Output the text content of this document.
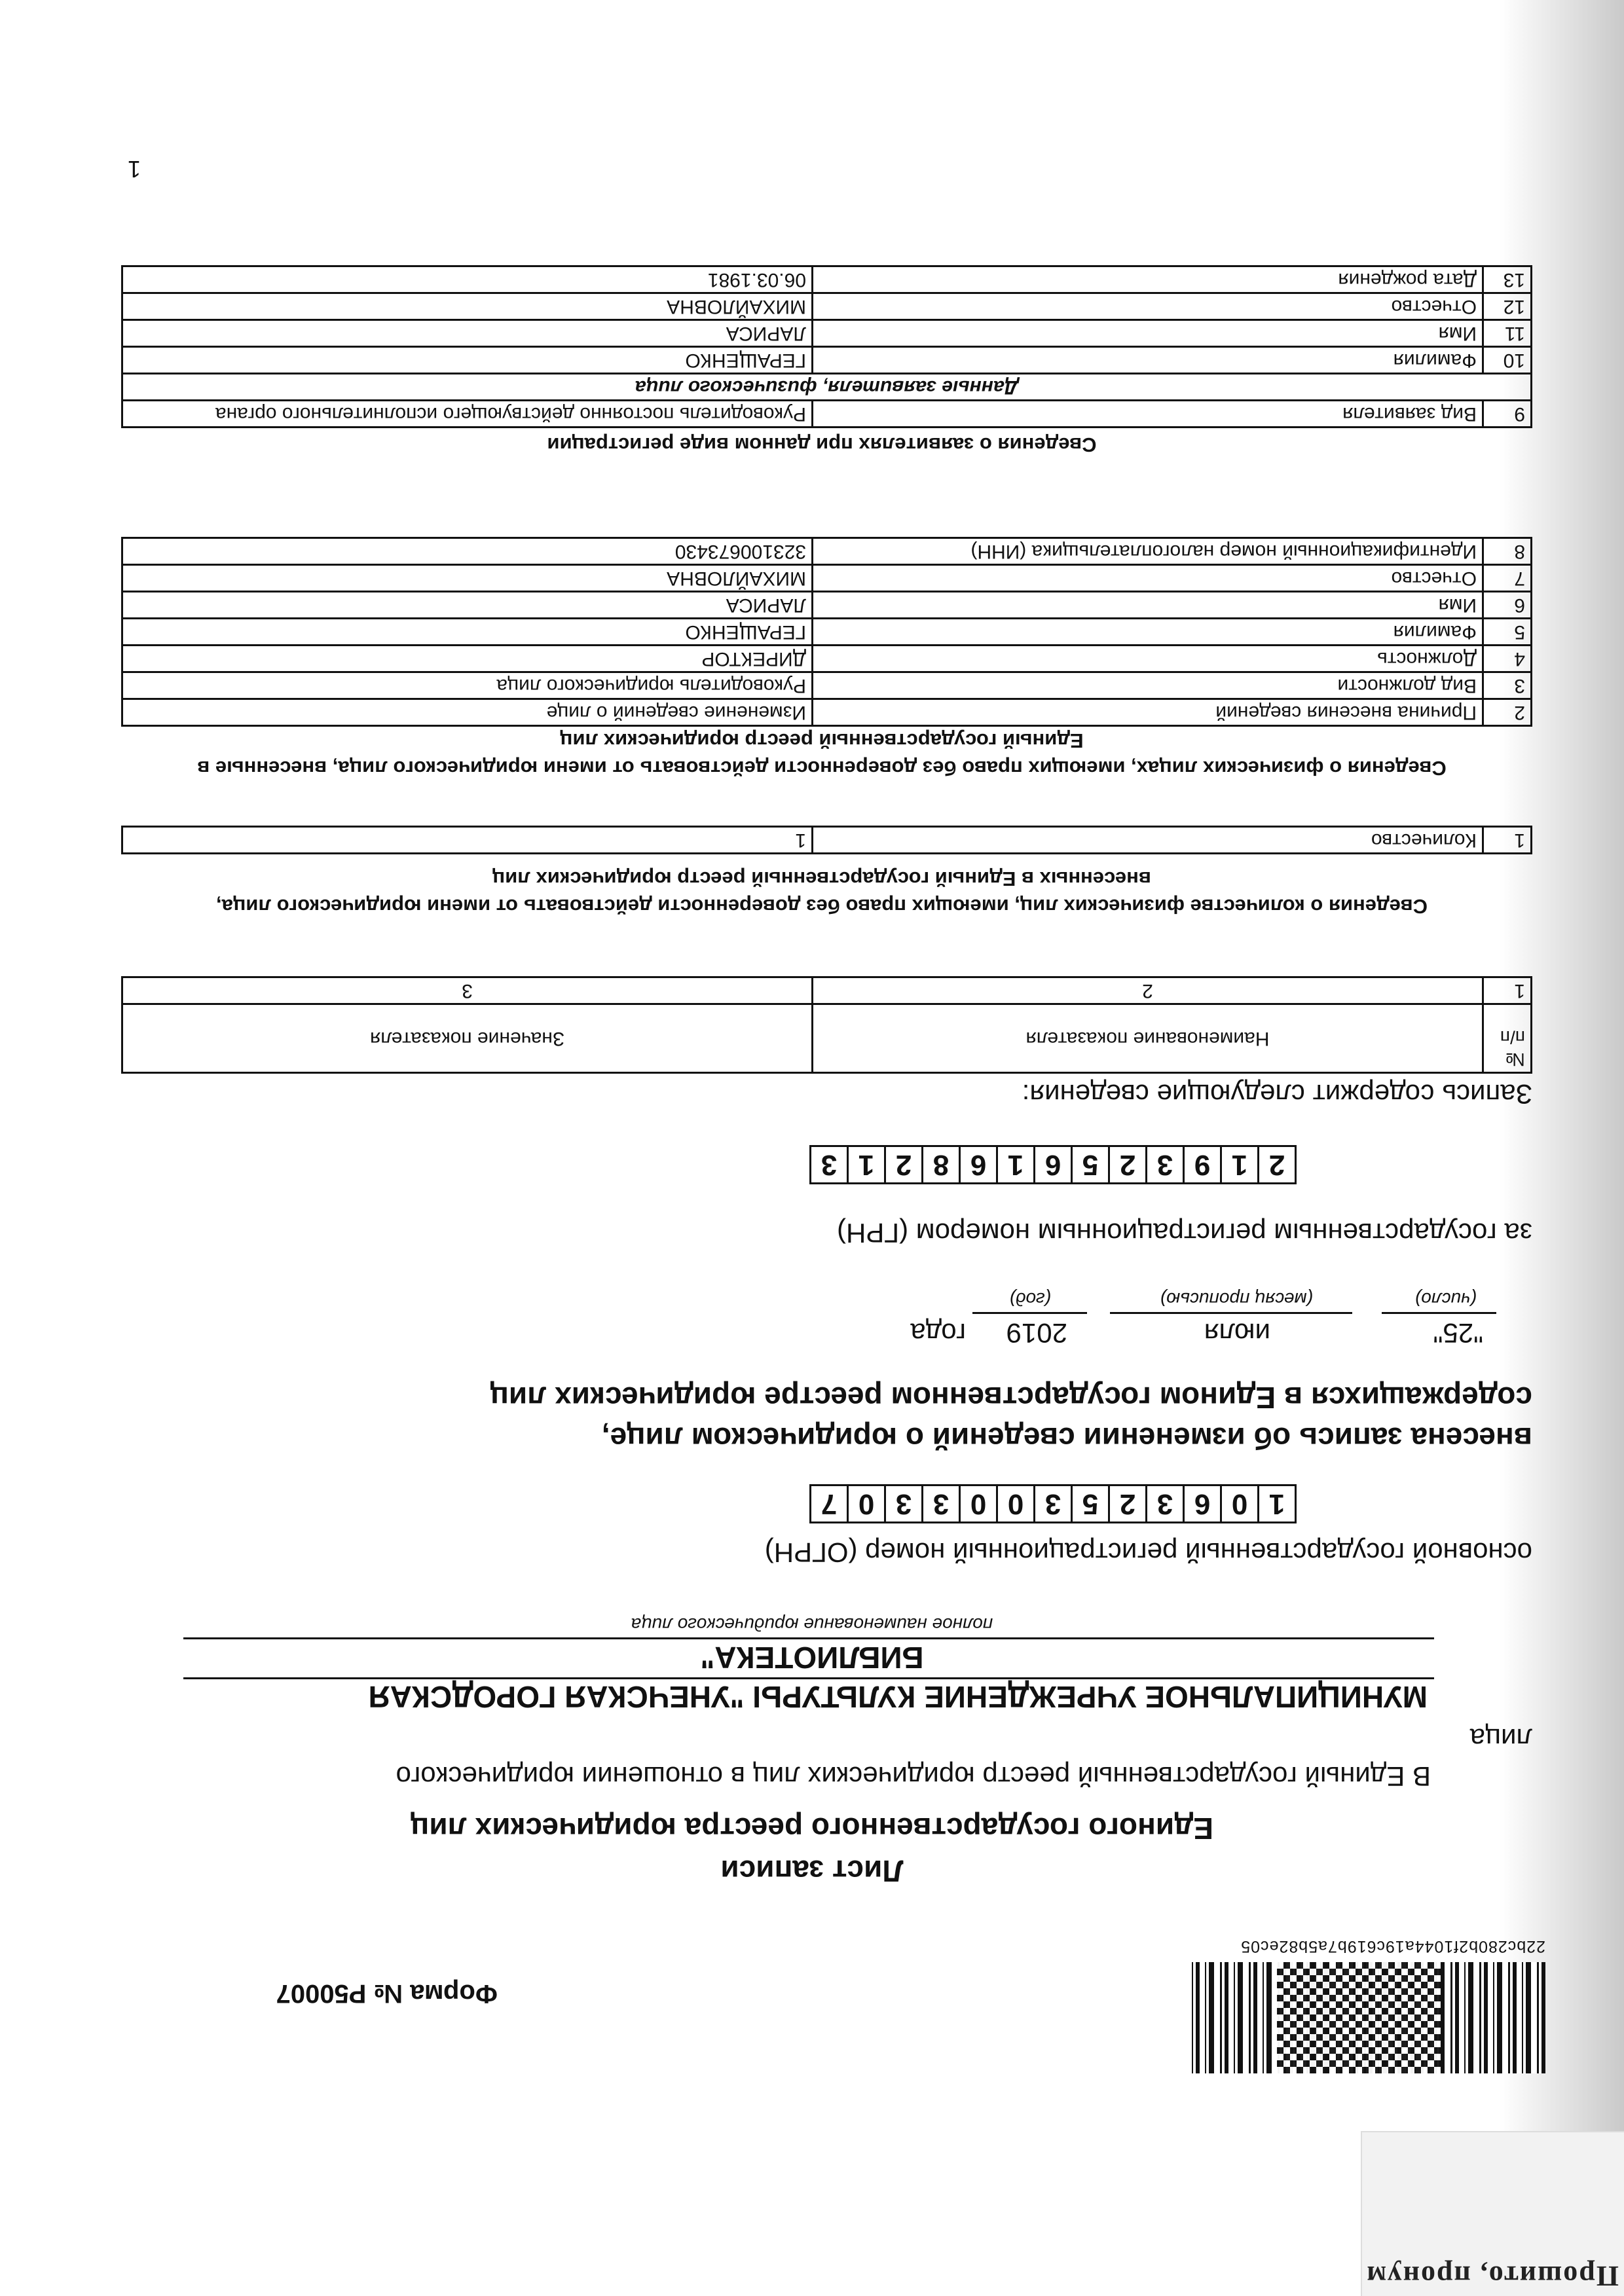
Прошито, пронум
22bc280b2f1044a19c619b7a5b82ec05
Форма № Р50007
Лист записи
Единого государственного реестра юридических лиц
В Единый государственный реестр юридических лиц в отношении юридического
лица
МУНИЦИПАЛЬНОЕ УЧРЕЖДЕНИЕ КУЛЬТУРЫ "УНЕЧСКАЯ ГОРОДСКАЯ
БИБЛИОТЕКА"
полное наименование юридического лица
основной государственный регистрационный номер (ОГРН)
1
0
6
3
2
5
3
0
0
3
3
0
7
внесена запись об изменении сведений о юридическом лице,
содержащихся в Едином государственном реестре юридических лиц
"25"
июля
2019
года
(число)
(месяц прописью)
(год)
за государственным регистрационным номером (ГРН)
2
1
9
3
2
5
6
1
6
8
2
1
3
Запись содержит следующие сведения:
№ п/п	Наименование показателя	Значение показателя
1	2	3
Сведения о количестве физических лиц, имеющих право без доверенности действовать от имени юридического лица, внесенных в Единый государственный реестр юридических лиц
1	Количество	1
Сведения о физических лицах, имеющих право без доверенности действовать от имени юридического лица, внесенные в Единый государственный реестр юридических лиц
2	Причина внесения сведений	Изменение сведений о лице
3	Вид должности	Руководитель юридического лица
4	Должность	ДИРЕКТОР
5	Фамилия	ГЕРАЩЕНКО
6	Имя	ЛАРИСА
7	Отчество	МИХАЙЛОВНА
8	Идентификационный номер налогоплательщика (ИНН)	323100673430
Сведения о заявителях при данном виде регистрации
9	Вид заявителя	Руководитель постоянно действующего исполнительного органа
Данные заявителя, физического лица		
10	Фамилия	ГЕРАЩЕНКО
11	Имя	ЛАРИСА
12	Отчество	МИХАЙЛОВНА
13	Дата рождения	06.03.1981
1
